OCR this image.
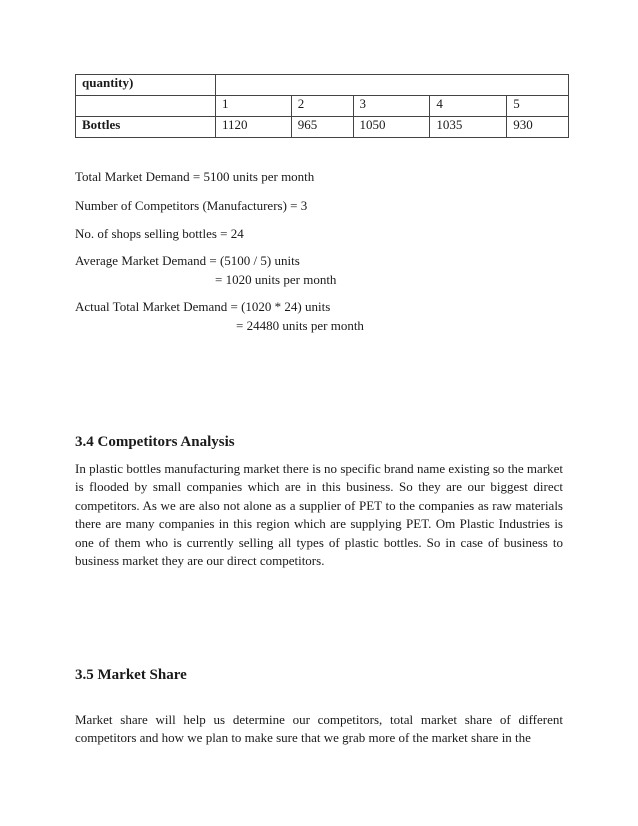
quantity)					
	1	2	3	4	5
Bottles	1120	965	1050	1035	930
Total Market Demand = 5100 units per month
Number of Competitors (Manufacturers) = 3
No. of shops selling bottles = 24
Average Market Demand = (5100 / 5) units
= 1020 units per month
Actual Total Market Demand = (1020 * 24) units
= 24480 units per month
3.4 Competitors Analysis

In plastic bottles manufacturing market there is no specific brand name existing so the market is flooded by small companies which are in this business. So they are our biggest direct competitors. As we are also not alone as a supplier of PET to the companies as raw materials there are many companies in this region which are supplying PET. Om Plastic Industries is one of them who is currently selling all types of plastic bottles. So in case of business to business market they are our direct competitors.

3.5 Market Share

Market share will help us determine our competitors, total market share of different competitors and how we plan to make sure that we grab more of the market share in the
